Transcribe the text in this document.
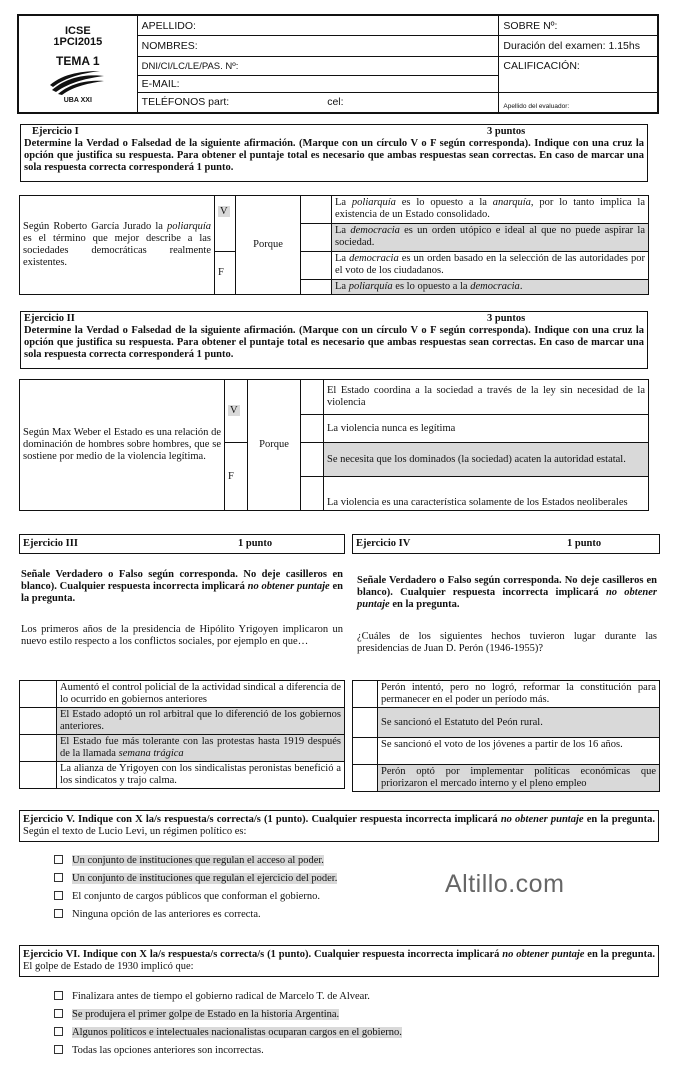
ICSE
1PCI2015
TEMA 1
UBA XXI	APELLIDO:	SOBRE Nº:
	NOMBRES:	Duración del examen: 1.15hs
	DNI/CI/LC/LE/PAS. Nº:	CALIFICACIÓN:
	E-MAIL:	
	TELÉFONOS part: cel:	Apellido del evaluador:
Ejercicio I	3 puntos
Determine la Verdad o Falsedad de la siguiente afirmación. (Marque con un círculo V o F según corresponda). Indique con una cruz la opción que justifica su respuesta. Para obtener el puntaje total es necesario que ambas respuestas sean correctas. En caso de marcar una sola respuesta correcta corresponderá 1 punto.
Según Roberto García Jurado la poliarquía es el término que mejor describe a las sociedades democráticas realmente existentes.	V	Porque		La poliarquía es lo opuesto a la anarquía, por lo tanto implica la existencia de un Estado consolidado.
				La democracia es un orden utópico e ideal al que no puede aspirar la sociedad.
	F			La democracia es un orden basado en la selección de las autoridades por el voto de los ciudadanos.
				La poliarquía es lo opuesto a la democracia.
Ejercicio II	3 puntos
Determine la Verdad o Falsedad de la siguiente afirmación. (Marque con un círculo V o F según corresponda). Indique con una cruz la opción que justifica su respuesta. Para obtener el puntaje total es necesario que ambas respuestas sean correctas. En caso de marcar una sola respuesta correcta corresponderá 1 punto.
Según Max Weber el Estado es una relación de dominación de hombres sobre hombres, que se sostiene por medio de la violencia legítima.	V	Porque		El Estado coordina a la sociedad a través de la ley sin necesidad de la violencia
				La violencia nunca es legítima
	F			Se necesita que los dominados (la sociedad) acaten la autoridad estatal.
				La violencia es una característica solamente de los Estados neoliberales
Ejercicio III	1 punto	Ejercicio IV	1 punto
Señale Verdadero o Falso según corresponda. No deje casilleros en blanco). Cualquier respuesta incorrecta implicará no obtener puntaje en la pregunta.
Los primeros años de la presidencia de Hipólito Yrigoyen implicaron un nuevo estilo respecto a los conflictos sociales, por ejemplo en que…
Señale Verdadero o Falso según corresponda. No deje casilleros en blanco). Cualquier respuesta incorrecta implicará no obtener puntaje en la pregunta.
¿Cuáles de los siguientes hechos tuvieron lugar durante las presidencias de Juan D. Perón (1946-1955)?
	Aumentó el control policial de la actividad sindical a diferencia de lo ocurrido en gobiernos anteriores
	El Estado adoptó un rol arbitral que lo diferenció de los gobiernos anteriores.
	El Estado fue más tolerante con las protestas hasta 1919 después de la llamada semana trágica
	La alianza de Yrigoyen con los sindicalistas peronistas benefició a los sindicatos y trajo calma.
	Perón intentó, pero no logró, reformar la constitución para permanecer en el poder un período más.
	Se sancionó el Estatuto del Peón rural.
	Se sancionó el voto de los jóvenes a partir de los 16 años.
	Perón optó por implementar políticas económicas que priorizaron el mercado interno y el pleno empleo
Ejercicio V. Indique con X la/s respuesta/s correcta/s (1 punto). Cualquier respuesta incorrecta implicará no obtener puntaje en la pregunta. Según el texto de Lucio Levi, un régimen político es:
Un conjunto de instituciones que regulan el acceso al poder.
Un conjunto de instituciones que regulan el ejercicio del poder.
El conjunto de cargos públicos que conforman el gobierno.
Ninguna opción de las anteriores es correcta.
Altillo.com
Ejercicio VI. Indique con X la/s respuesta/s correcta/s (1 punto). Cualquier respuesta incorrecta implicará no obtener puntaje en la pregunta. El golpe de Estado de 1930 implicó que:
Finalizara antes de tiempo el gobierno radical de Marcelo T. de Alvear.
Se produjera el primer golpe de Estado en la historia Argentina.
Algunos políticos e intelectuales nacionalistas ocuparan cargos en el gobierno.
Todas las opciones anteriores son incorrectas.
